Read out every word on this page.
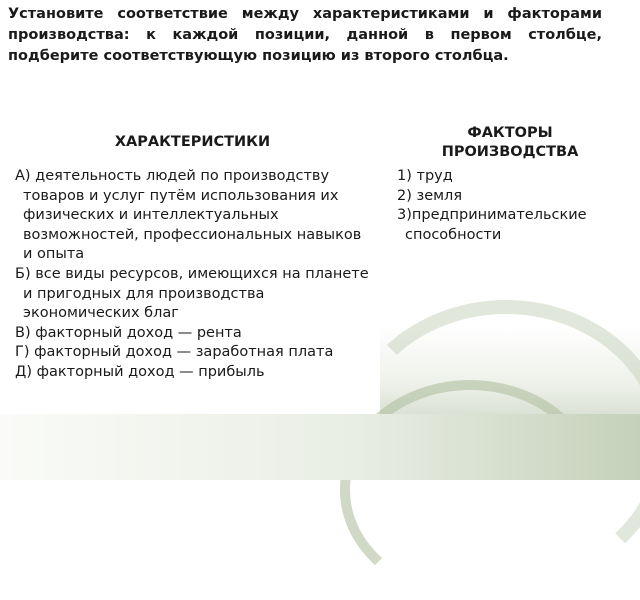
Установите соответствие между характеристиками и факторами производства: к каждой позиции, данной в первом столбце, подберите соответствующую позицию из второго столбца.

ХАРАКТЕРИСТИКИ

ФАКТОРЫ ПРОИЗВОДСТВА

А) деятельность людей по производству товаров и услуг путём использования их физических и интеллектуальных возможностей, профессиональных навыков и опыта
Б) все виды ресурсов, имеющихся на планете и пригодных для производства экономических благ
В) факторный доход — рента
Г) факторный доход — заработная плата
Д) факторный доход — прибыль
1) труд
2) земля
3)предпринимательские способности
